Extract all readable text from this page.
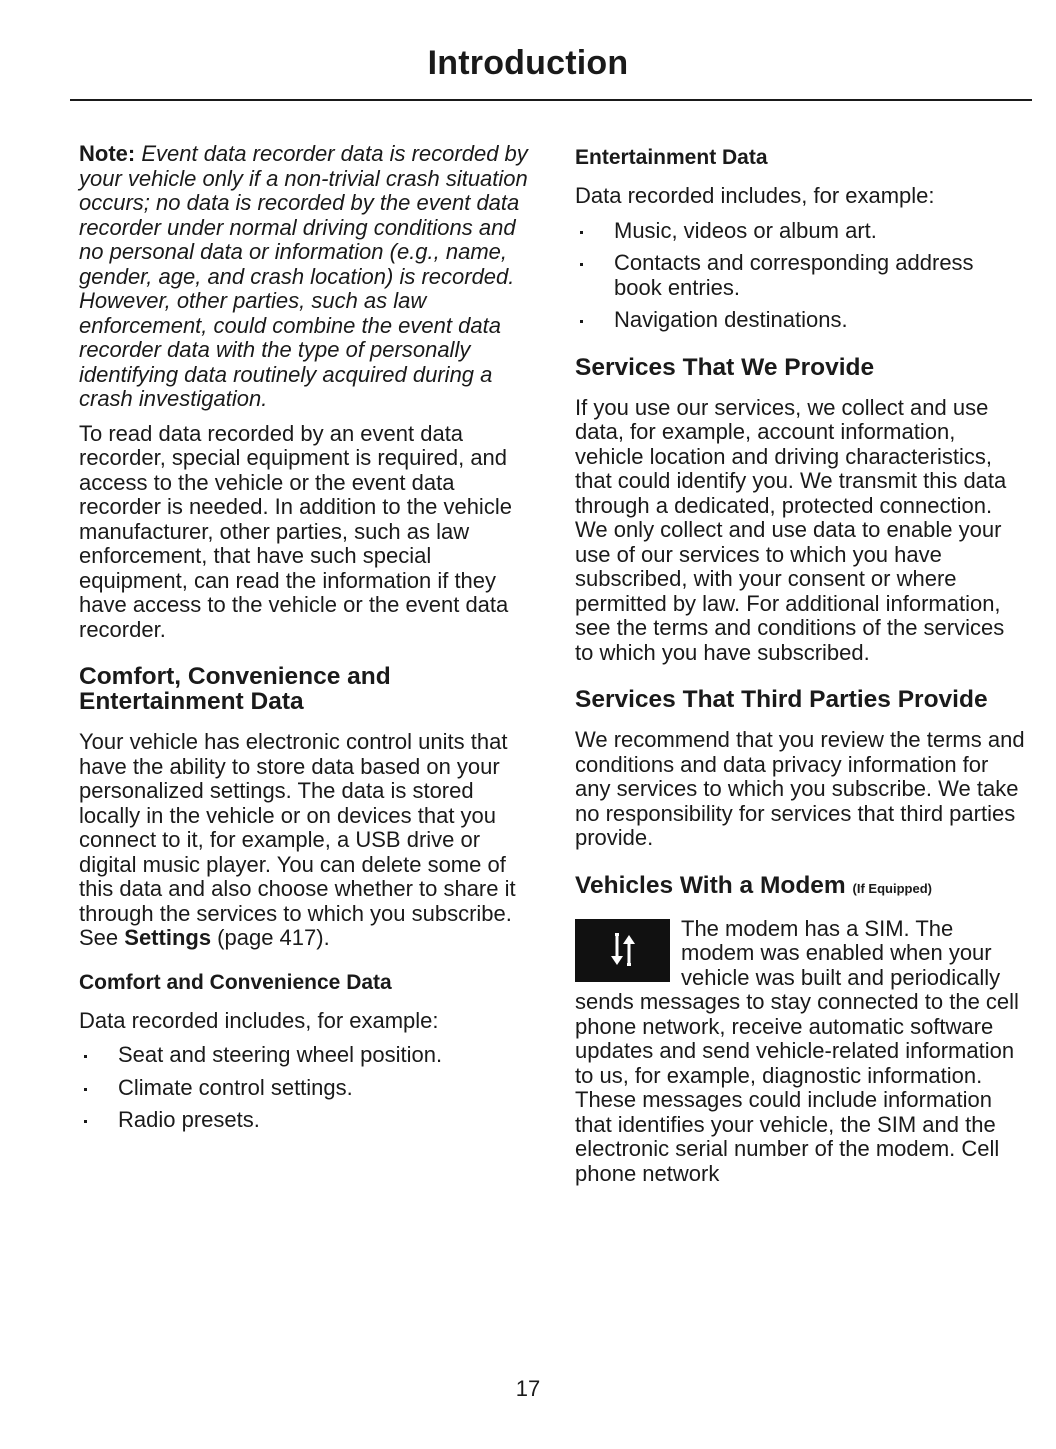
Introduction

Note: Event data recorder data is recorded by your vehicle only if a non-trivial crash situation occurs; no data is recorded by the event data recorder under normal driving conditions and no personal data or information (e.g., name, gender, age, and crash location) is recorded. However, other parties, such as law enforcement, could combine the event data recorder data with the type of personally identifying data routinely acquired during a crash investigation.

To read data recorded by an event data recorder, special equipment is required, and access to the vehicle or the event data recorder is needed. In addition to the vehicle manufacturer, other parties, such as law enforcement, that have such special equipment, can read the information if they have access to the vehicle or the event data recorder.

Comfort, Convenience and Entertainment Data

Your vehicle has electronic control units that have the ability to store data based on your personalized settings. The data is stored locally in the vehicle or on devices that you connect to it, for example, a USB drive or digital music player. You can delete some of this data and also choose whether to share it through the services to which you subscribe. See Settings (page 417).

Comfort and Convenience Data

Data recorded includes, for example:

Seat and steering wheel position.
Climate control settings.
Radio presets.
Entertainment Data

Data recorded includes, for example:

Music, videos or album art.
Contacts and corresponding address book entries.
Navigation destinations.
Services That We Provide

If you use our services, we collect and use data, for example, account information, vehicle location and driving characteristics, that could identify you. We transmit this data through a dedicated, protected connection. We only collect and use data to enable your use of our services to which you have subscribed, with your consent or where permitted by law. For additional information, see the terms and conditions of the services to which you have subscribed.

Services That Third Parties Provide

We recommend that you review the terms and conditions and data privacy information for any services to which you subscribe. We take no responsibility for services that third parties provide.

Vehicles With a Modem (If Equipped)

The modem has a SIM. The modem was enabled when your vehicle was built and periodically sends messages to stay connected to the cell phone network, receive automatic software updates and send vehicle-related information to us, for example, diagnostic information. These messages could include information that identifies your vehicle, the SIM and the electronic serial number of the modem. Cell phone network

17
